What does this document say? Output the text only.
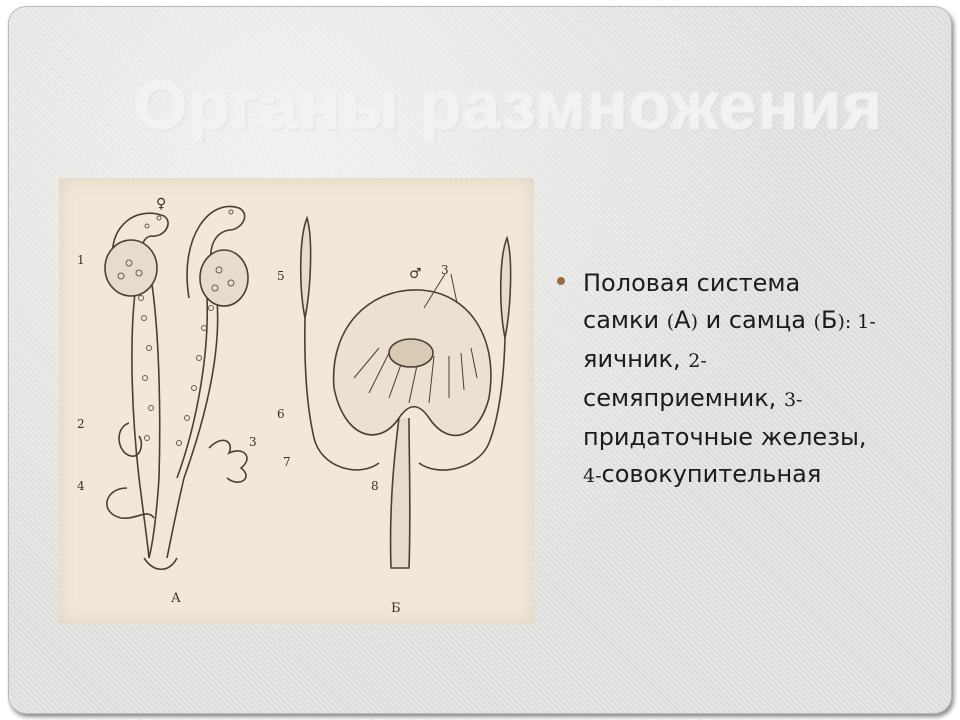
Органы размножения
1
2
3
4
5
6
7
8
3
А
Б
♀
♂	Половая система
самки (А) и самца (Б): 1-
яичник, 2-
семяприемник, 3-
придаточные железы,
4-совокупительная
